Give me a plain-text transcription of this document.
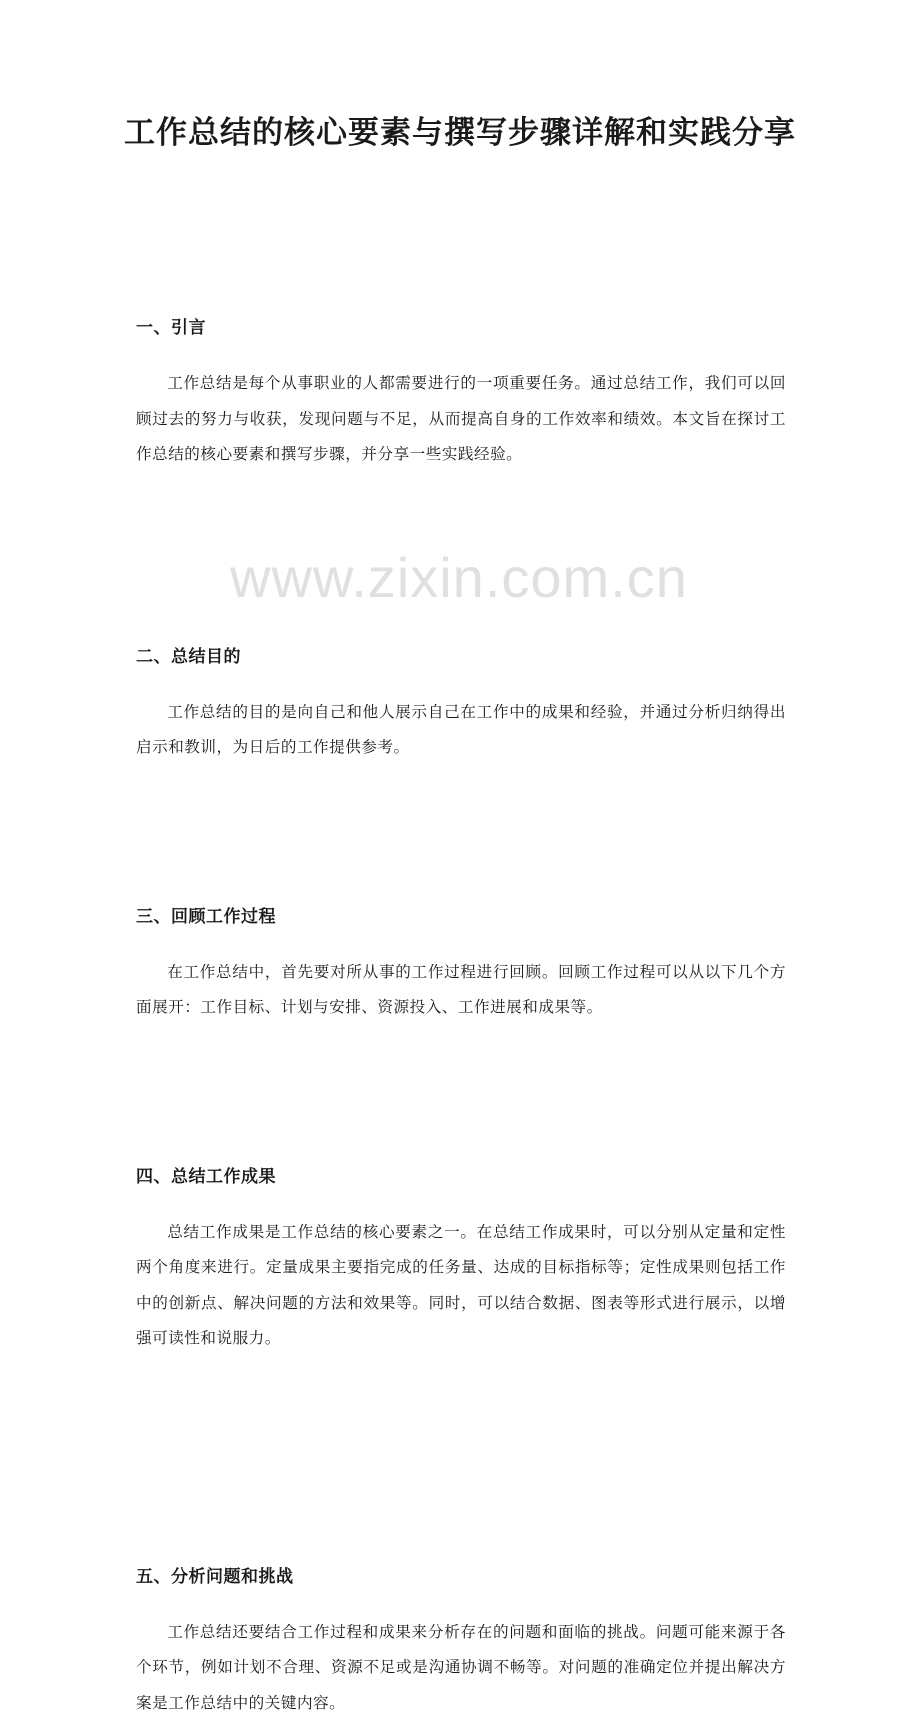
www.zixin.com.cn
工作总结的核心要素与撰写步骤详解和实践分享
一、引言

工作总结是每个从事职业的人都需要进行的一项重要任务。通过总结工作，我们可以回顾过去的努力与收获，发现问题与不足，从而提高自身的工作效率和绩效。本文旨在探讨工作总结的核心要素和撰写步骤，并分享一些实践经验。

二、总结目的

工作总结的目的是向自己和他人展示自己在工作中的成果和经验，并通过分析归纳得出启示和教训，为日后的工作提供参考。

三、回顾工作过程

在工作总结中，首先要对所从事的工作过程进行回顾。回顾工作过程可以从以下几个方面展开：工作目标、计划与安排、资源投入、工作进展和成果等。

四、总结工作成果

总结工作成果是工作总结的核心要素之一。在总结工作成果时，可以分别从定量和定性两个角度来进行。定量成果主要指完成的任务量、达成的目标指标等；定性成果则包括工作中的创新点、解决问题的方法和效果等。同时，可以结合数据、图表等形式进行展示，以增强可读性和说服力。

五、分析问题和挑战

工作总结还要结合工作过程和成果来分析存在的问题和面临的挑战。问题可能来源于各个环节，例如计划不合理、资源不足或是沟通协调不畅等。对问题的准确定位并提出解决方案是工作总结中的关键内容。
